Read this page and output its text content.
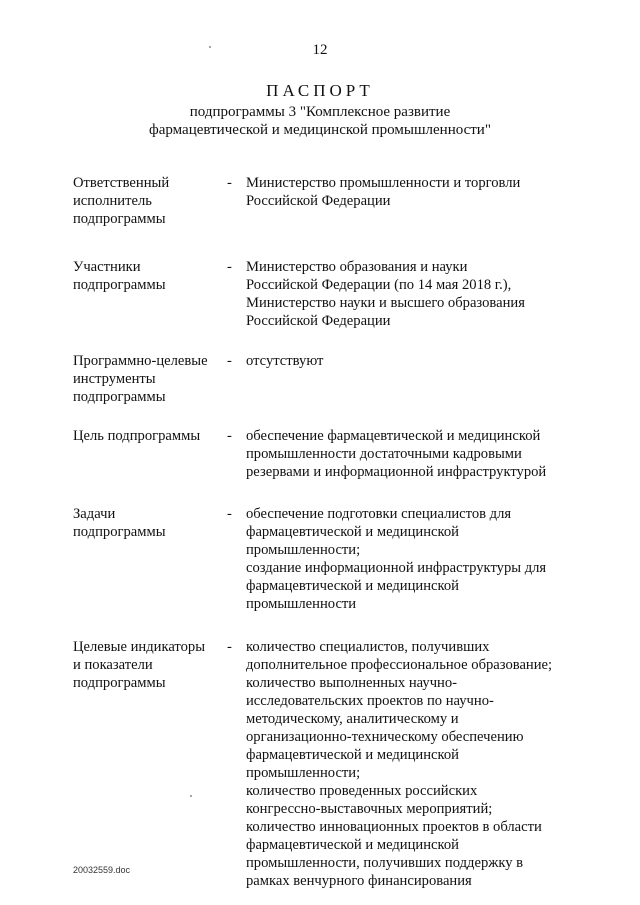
12
ПАСПОРТ
подпрограммы 3 "Комплексное развитие
фармацевтической и медицинской промышленности"
Ответственный
исполнитель
подпрограммы
- Министерство промышленности и торговли
Российской Федерации

Участники
подпрограммы
- Министерство образования и науки
Российской Федерации (по 14 мая 2018 г.),
Министерство науки и высшего образования
Российской Федерации
Программно-целевые
инструменты
подпрограммы
- отсутствуют

Цель подпрограммы	- обеспечение фармацевтической и медицинской
промышленности достаточными кадровыми
резервами и информационной инфраструктурой
Задачи
подпрограммы
- обеспечение подготовки специалистов для
фармацевтической и медицинской
промышленности;
создание информационной инфраструктуры для
фармацевтической и медицинской
промышленности
Целевые индикаторы
и показатели
подпрограммы
- количество специалистов, получивших
дополнительное профессиональное образование;
количество выполненных научно-
исследовательских проектов по научно-
методическому, аналитическому и
организационно-техническому обеспечению
фармацевтической и медицинской
промышленности;
количество проведенных российских
конгрессно-выставочных мероприятий;
количество инновационных проектов в области
фармацевтической и медицинской
промышленности, получивших поддержку в
рамках венчурного финансирования
20032559.doc
